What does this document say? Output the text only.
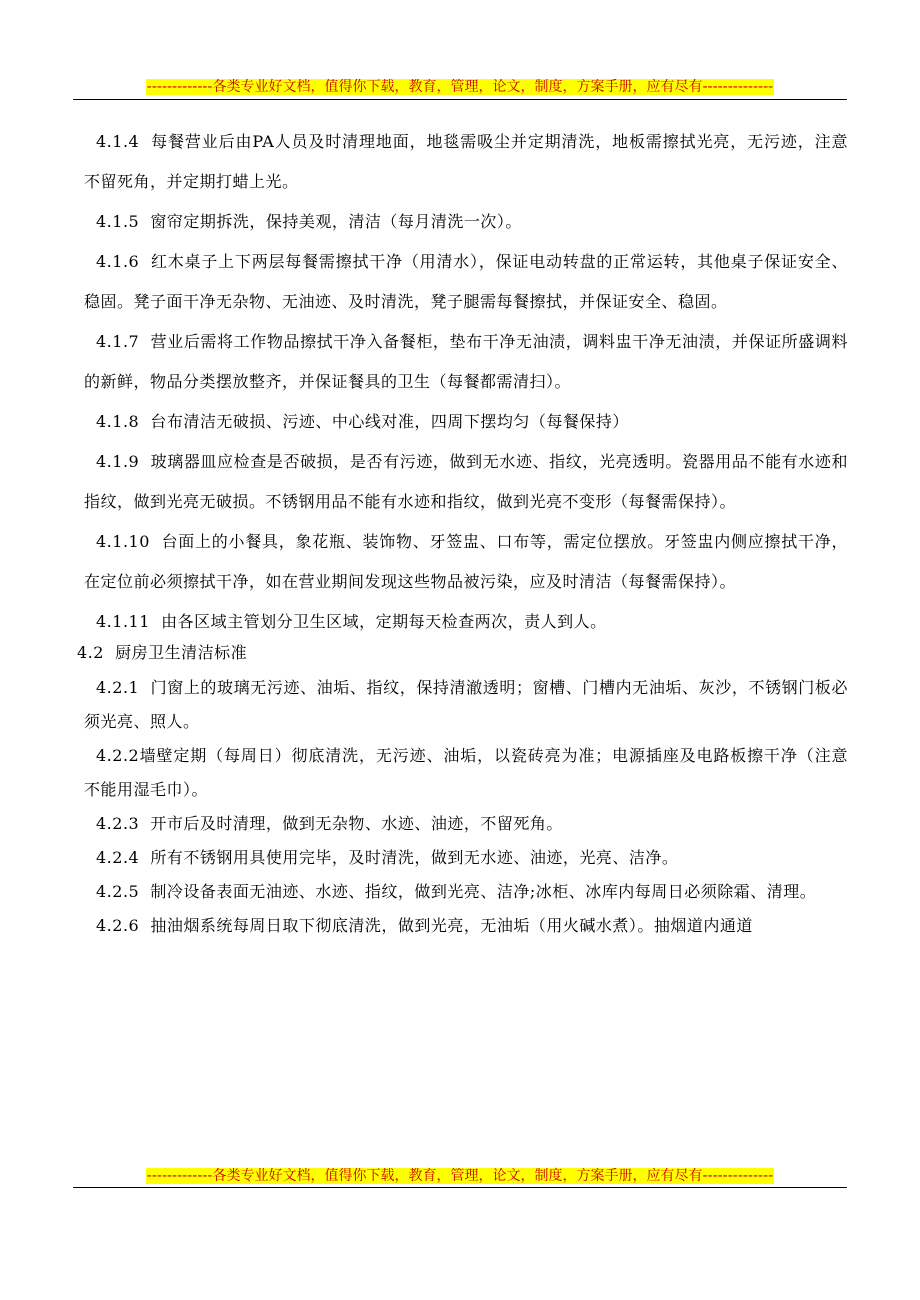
-------------各类专业好文档，值得你下载，教育，管理，论文，制度，方案手册，应有尽有--------------

4.1.4  每餐营业后由PA人员及时清理地面，地毯需吸尘并定期清洗，地板需擦拭光亮，无污迹，注意不留死角，并定期打蜡上光。

4.1.5  窗帘定期拆洗，保持美观，清洁（每月清洗一次）。

4.1.6  红木桌子上下两层每餐需擦拭干净（用清水），保证电动转盘的正常运转，其他桌子保证安全、稳固。凳子面干净无杂物、无油迹、及时清洗，凳子腿需每餐擦拭，并保证安全、稳固。

4.1.7  营业后需将工作物品擦拭干净入备餐柜，垫布干净无油渍，调料盅干净无油渍，并保证所盛调料的新鲜，物品分类摆放整齐，并保证餐具的卫生（每餐都需清扫）。

4.1.8  台布清洁无破损、污迹、中心线对准，四周下摆均匀（每餐保持）

4.1.9  玻璃器皿应检查是否破损，是否有污迹，做到无水迹、指纹，光亮透明。瓷器用品不能有水迹和指纹，做到光亮无破损。不锈钢用品不能有水迹和指纹，做到光亮不变形（每餐需保持）。

4.1.10  台面上的小餐具，象花瓶、装饰物、牙签盅、口布等，需定位摆放。牙签盅内侧应擦拭干净，在定位前必须擦拭干净，如在营业期间发现这些物品被污染，应及时清洁（每餐需保持）。

4.1.11  由各区域主管划分卫生区域，定期每天检查两次，责人到人。

4.2  厨房卫生清洁标准

4.2.1  门窗上的玻璃无污迹、油垢、指纹，保持清澈透明；窗槽、门槽内无油垢、灰沙，不锈钢门板必须光亮、照人。

4.2.2墙壁定期（每周日）彻底清洗，无污迹、油垢，以瓷砖亮为准；电源插座及电路板擦干净（注意不能用湿毛巾）。

4.2.3  开市后及时清理，做到无杂物、水迹、油迹，不留死角。

4.2.4  所有不锈钢用具使用完毕，及时清洗，做到无水迹、油迹，光亮、洁净。

4.2.5  制冷设备表面无油迹、水迹、指纹，做到光亮、洁净;冰柜、冰库内每周日必须除霜、清理。

4.2.6  抽油烟系统每周日取下彻底清洗，做到光亮，无油垢（用火碱水煮）。抽烟道内通道

-------------各类专业好文档，值得你下载，教育，管理，论文，制度，方案手册，应有尽有--------------
